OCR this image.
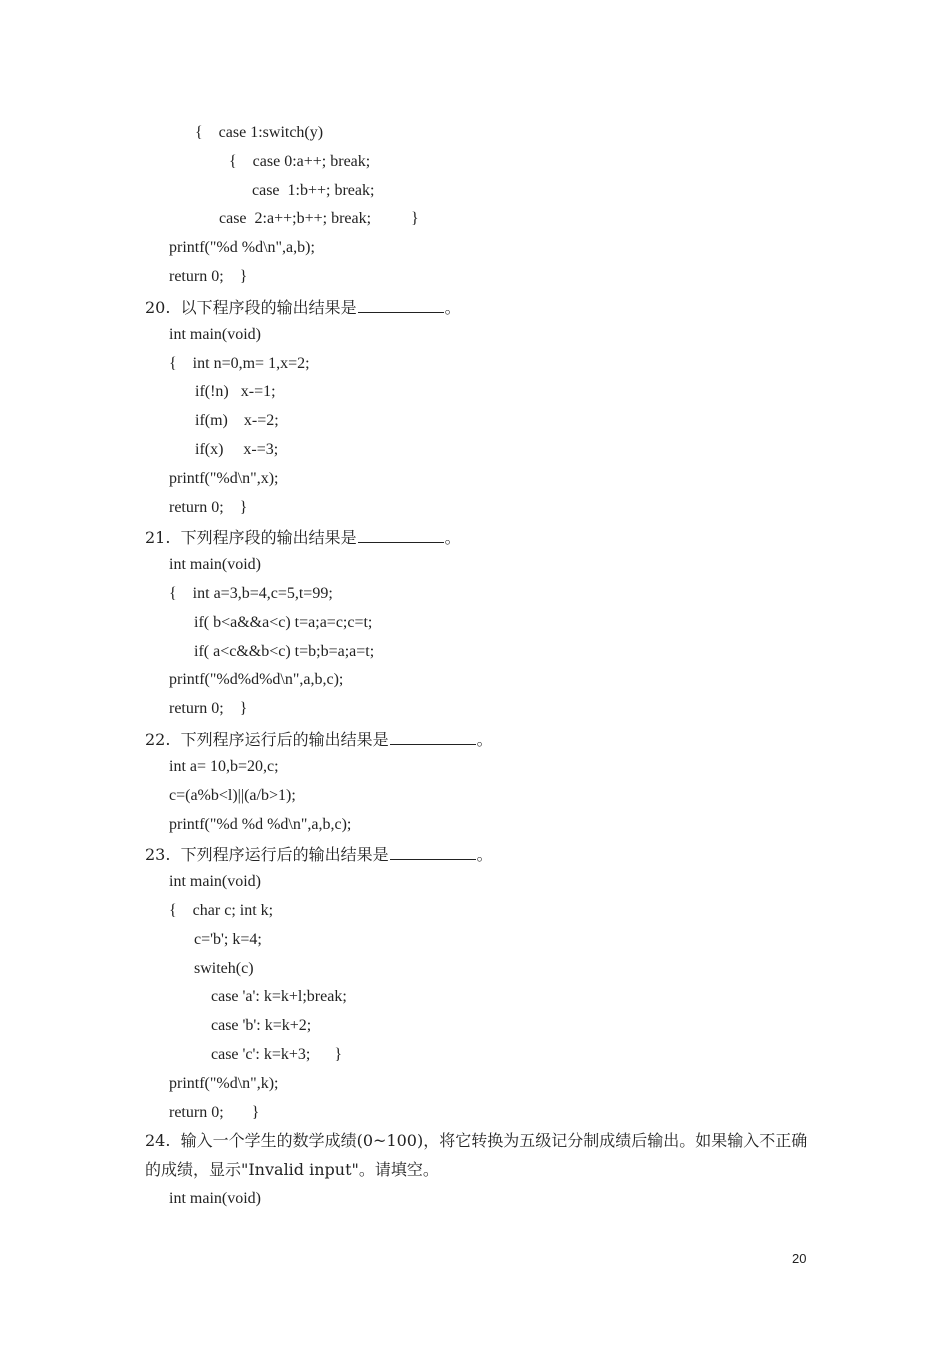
{    case 1:switch(y)
{    case 0:a++; break;
case  1:b++; break;
case  2:a++;b++; break;          }
printf("%d %d\n",a,b);
return 0;    }
20.  以下程序段的输出结果是	。
int main(void)
{    int n=0,m= 1,x=2;
if(!n)   x-=1;
if(m)    x-=2;
if(x)     x-=3;
printf("%d\n",x);
return 0;    }
21.  下列程序段的输出结果是	。
int main(void)
{    int a=3,b=4,c=5,t=99;
if( b<a&&a<c) t=a;a=c;c=t;
if( a<c&&b<c) t=b;b=a;a=t;
printf("%d%d%d\n",a,b,c);
return 0;    }
22.  下列程序运行后的输出结果是	。
int a= 10,b=20,c;
c=(a%b<l)||(a/b>1);
printf("%d %d %d\n",a,b,c);
23.  下列程序运行后的输出结果是	。
int main(void)
{    char c; int k;
c='b'; k=4;
switeh(c)
case 'a': k=k+l;break;
case 'b': k=k+2;
case 'c': k=k+3;      }
printf("%d\n",k);
return 0;       }
24.  输入一个学生的数学成绩(0~100)，将它转换为五级记分制成绩后输出。如果输入不正确
的成绩，显示"Invalid input"。请填空。
int main(void)
20
